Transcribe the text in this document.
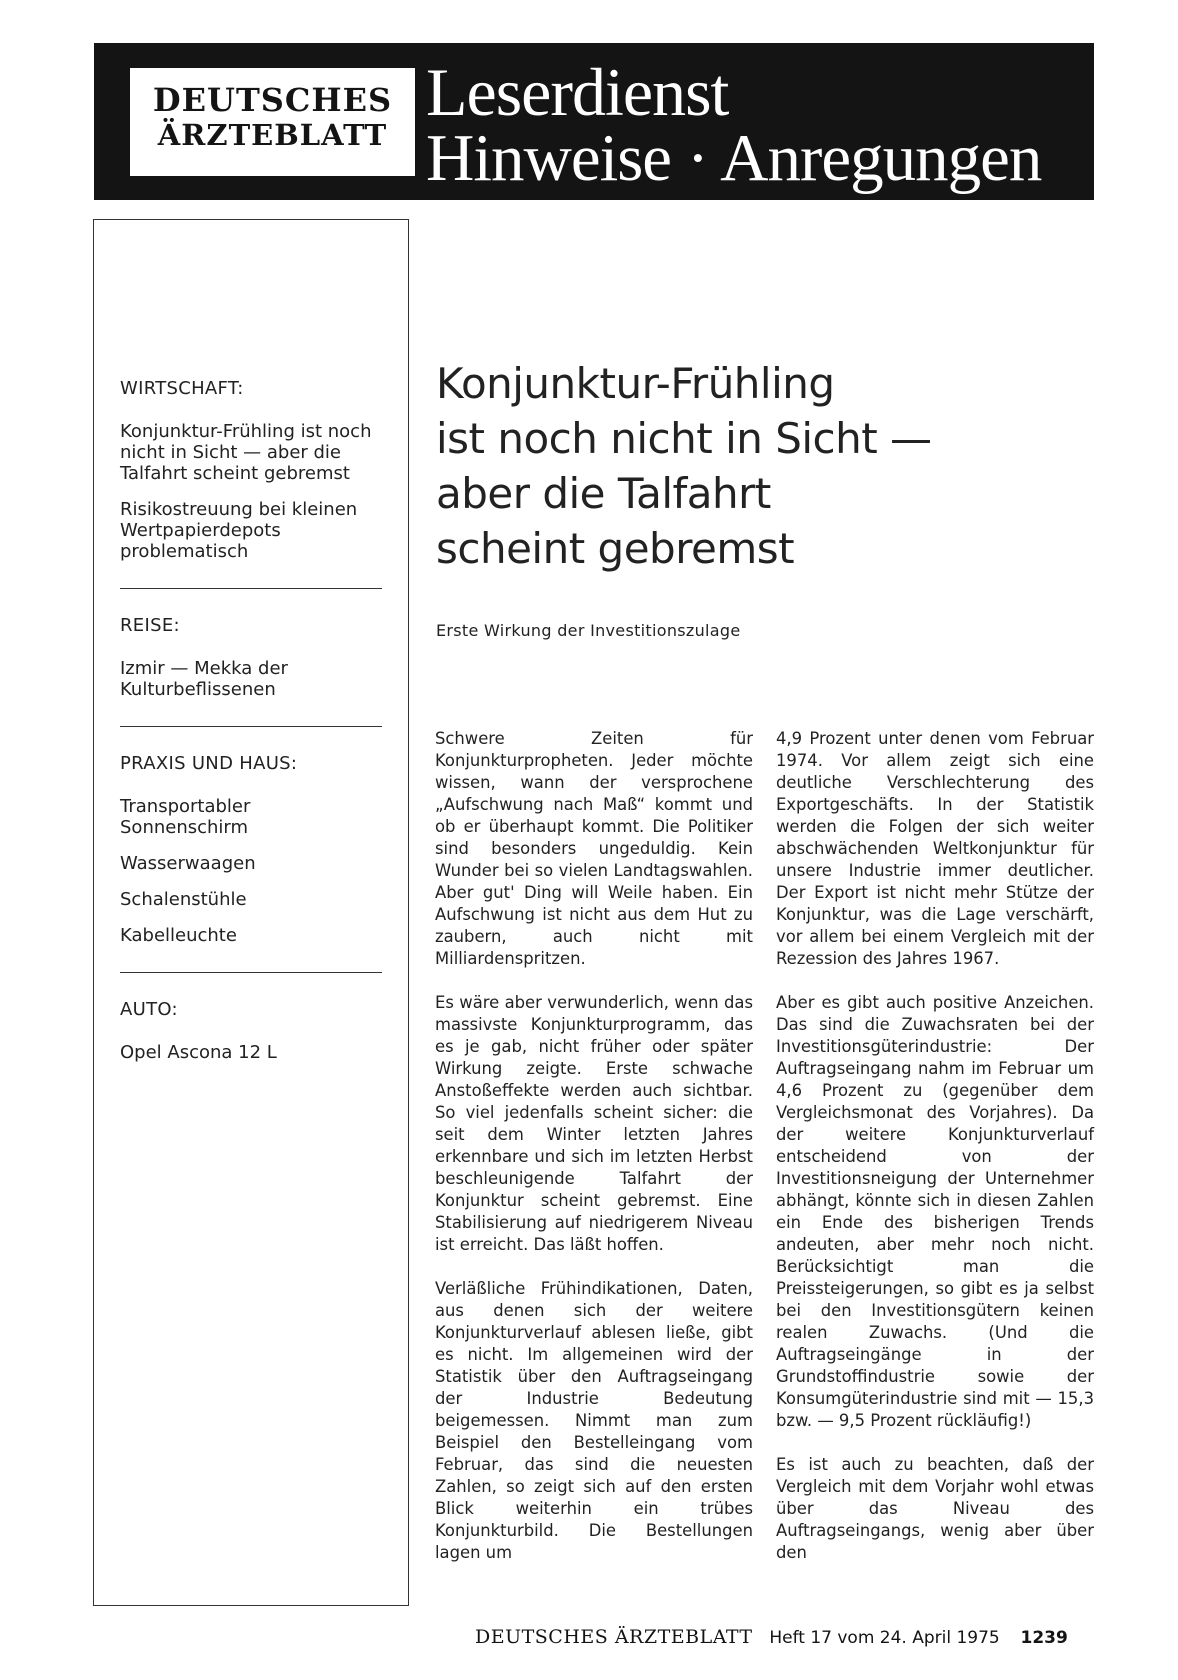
DEUTSCHES
ÄRZTEBLATT
Leserdienst
Hinweise · Anregungen
WIRTSCHAFT:
Konjunktur-Frühling ist noch nicht in Sicht — aber die Talfahrt scheint gebremst
Risikostreuung bei kleinen Wertpapierdepots problematisch
REISE:
Izmir — Mekka der Kulturbeflissenen
PRAXIS UND HAUS:
Transportabler Sonnenschirm
Wasserwaagen
Schalenstühle
Kabelleuchte
AUTO:
Opel Ascona 12 L
Konjunktur-Frühling
ist noch nicht in Sicht —
aber die Talfahrt
scheint gebremst
Erste Wirkung der Investitionszulage

Schwere Zeiten für Konjunkturpropheten. Jeder möchte wissen, wann der versprochene „Aufschwung nach Maß“ kommt und ob er überhaupt kommt. Die Politiker sind besonders ungeduldig. Kein Wunder bei so vielen Landtagswahlen. Aber gut' Ding will Weile haben. Ein Aufschwung ist nicht aus dem Hut zu zaubern, auch nicht mit Milliardenspritzen.

Es wäre aber verwunderlich, wenn das massivste Konjunkturprogramm, das es je gab, nicht früher oder später Wirkung zeigte. Erste schwache Anstoßeffekte werden auch sichtbar. So viel jedenfalls scheint sicher: die seit dem Winter letzten Jahres erkennbare und sich im letzten Herbst beschleunigende Talfahrt der Konjunktur scheint gebremst. Eine Stabilisierung auf niedrigerem Niveau ist erreicht. Das läßt hoffen.

Verläßliche Frühindikationen, Daten, aus denen sich der weitere Konjunkturverlauf ablesen ließe, gibt es nicht. Im allgemeinen wird der Statistik über den Auftragseingang der Industrie Bedeutung beigemessen. Nimmt man zum Beispiel den Bestelleingang vom Februar, das sind die neuesten Zahlen, so zeigt sich auf den ersten Blick weiterhin ein trübes Konjunkturbild. Die Bestellungen lagen um

4,9 Prozent unter denen vom Februar 1974. Vor allem zeigt sich eine deutliche Verschlechterung des Exportgeschäfts. In der Statistik werden die Folgen der sich weiter abschwächenden Weltkonjunktur für unsere Industrie immer deutlicher. Der Export ist nicht mehr Stütze der Konjunktur, was die Lage verschärft, vor allem bei einem Vergleich mit der Rezession des Jahres 1967.

Aber es gibt auch positive Anzeichen. Das sind die Zuwachsraten bei der Investitionsgüterindustrie: Der Auftragseingang nahm im Februar um 4,6 Prozent zu (gegenüber dem Vergleichsmonat des Vorjahres). Da der weitere Konjunkturverlauf entscheidend von der Investitionsneigung der Unternehmer abhängt, könnte sich in diesen Zahlen ein Ende des bisherigen Trends andeuten, aber mehr noch nicht. Berücksichtigt man die Preissteigerungen, so gibt es ja selbst bei den Investitionsgütern keinen realen Zuwachs. (Und die Auftragseingänge in der Grundstoffindustrie sowie der Konsumgüterindustrie sind mit — 15,3 bzw. — 9,5 Prozent rückläufig!)

Es ist auch zu beachten, daß der Vergleich mit dem Vorjahr wohl etwas über das Niveau des Auftragseingangs, wenig aber über den

DEUTSCHES ÄRZTEBLATT Heft 17 vom 24. April 1975 1239
